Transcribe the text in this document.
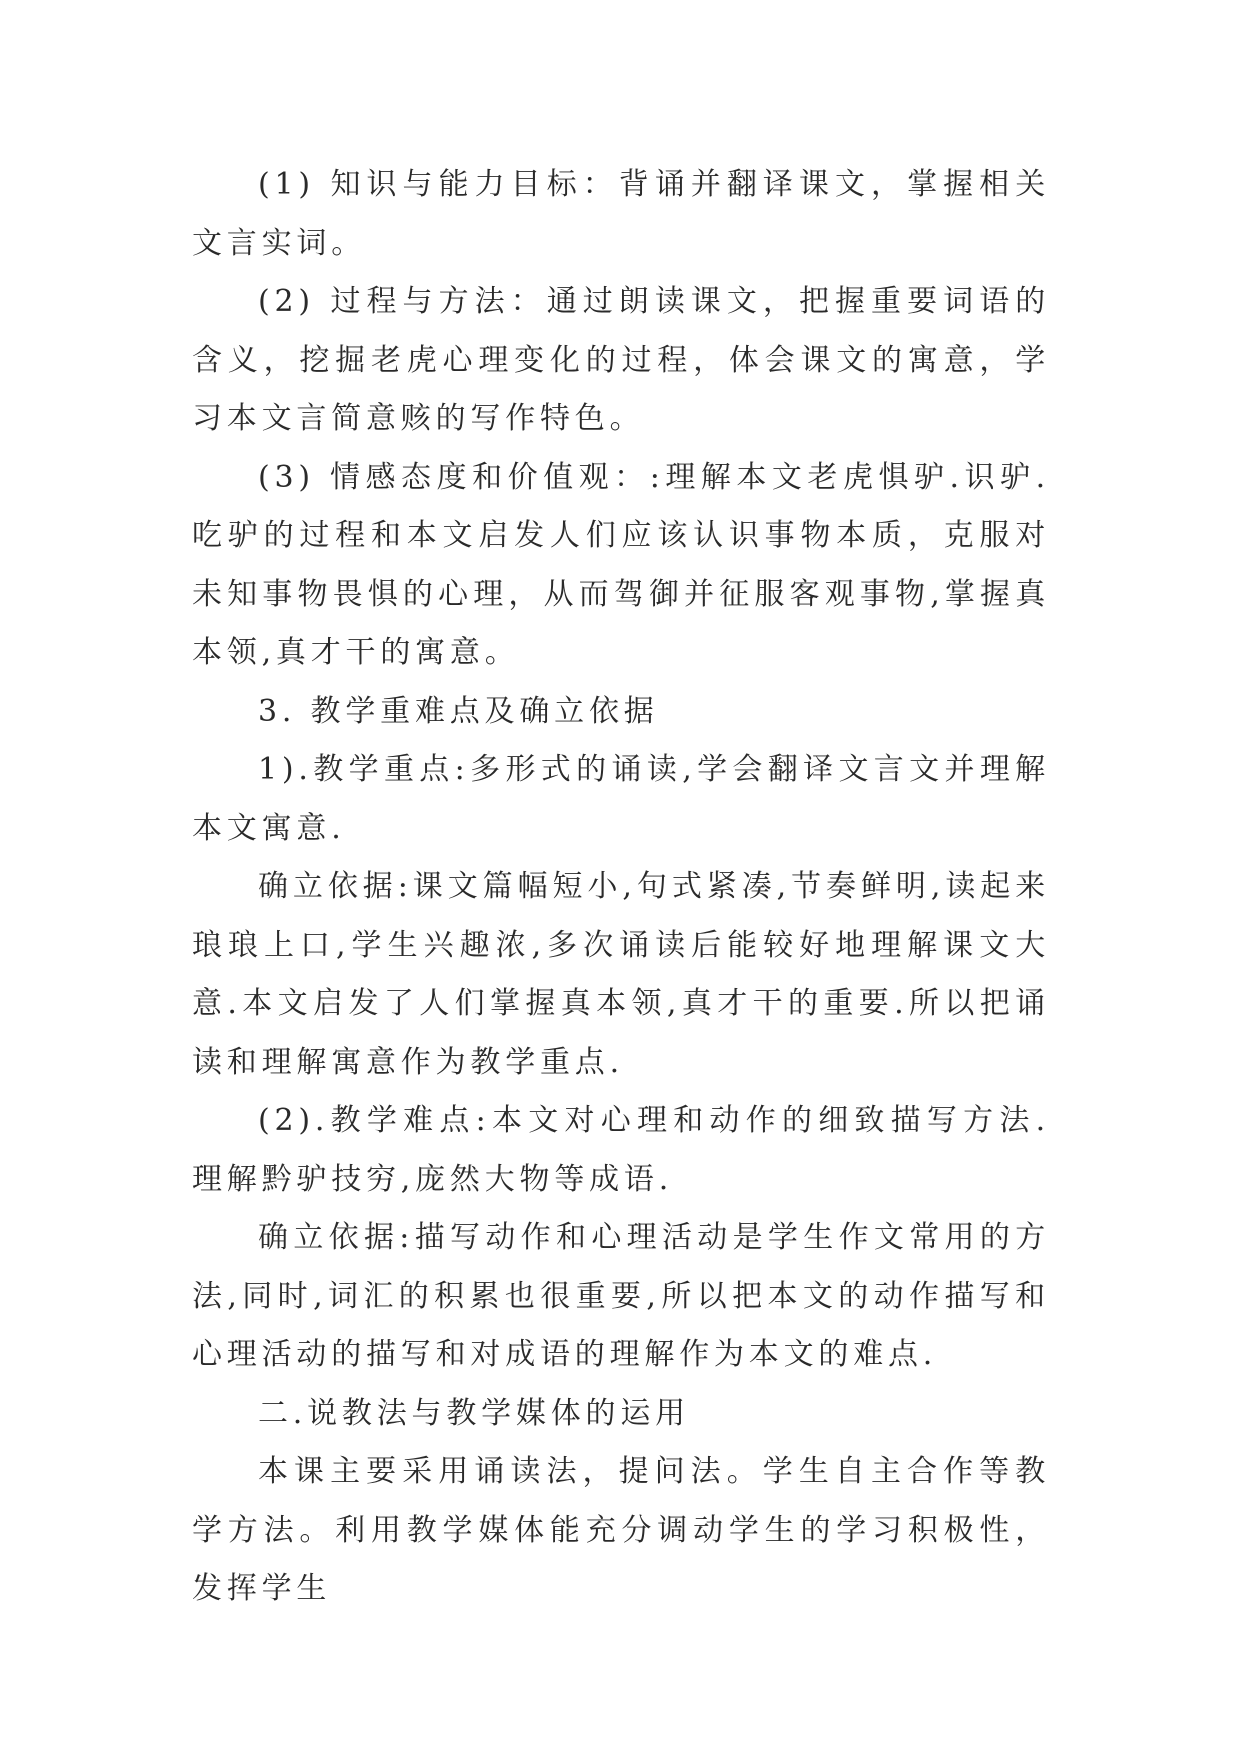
(1) 知识与能力目标：背诵并翻译课文，掌握相关文言实词。

(2) 过程与方法：通过朗读课文，把握重要词语的含义，挖掘老虎心理变化的过程，体会课文的寓意，学习本文言简意赅的写作特色。

(3) 情感态度和价值观：:理解本文老虎惧驴.识驴.吃驴的过程和本文启发人们应该认识事物本质，克服对未知事物畏惧的心理，从而驾御并征服客观事物,掌握真本领,真才干的寓意。

3. 教学重难点及确立依据

1).教学重点:多形式的诵读,学会翻译文言文并理解本文寓意.

确立依据:课文篇幅短小,句式紧凑,节奏鲜明,读起来琅琅上口,学生兴趣浓,多次诵读后能较好地理解课文大意.本文启发了人们掌握真本领,真才干的重要.所以把诵读和理解寓意作为教学重点.

(2).教学难点:本文对心理和动作的细致描写方法.理解黔驴技穷,庞然大物等成语.

确立依据:描写动作和心理活动是学生作文常用的方法,同时,词汇的积累也很重要,所以把本文的动作描写和心理活动的描写和对成语的理解作为本文的难点.

二.说教法与教学媒体的运用

本课主要采用诵读法，提问法。学生自主合作等教学方法。利用教学媒体能充分调动学生的学习积极性，发挥学生
